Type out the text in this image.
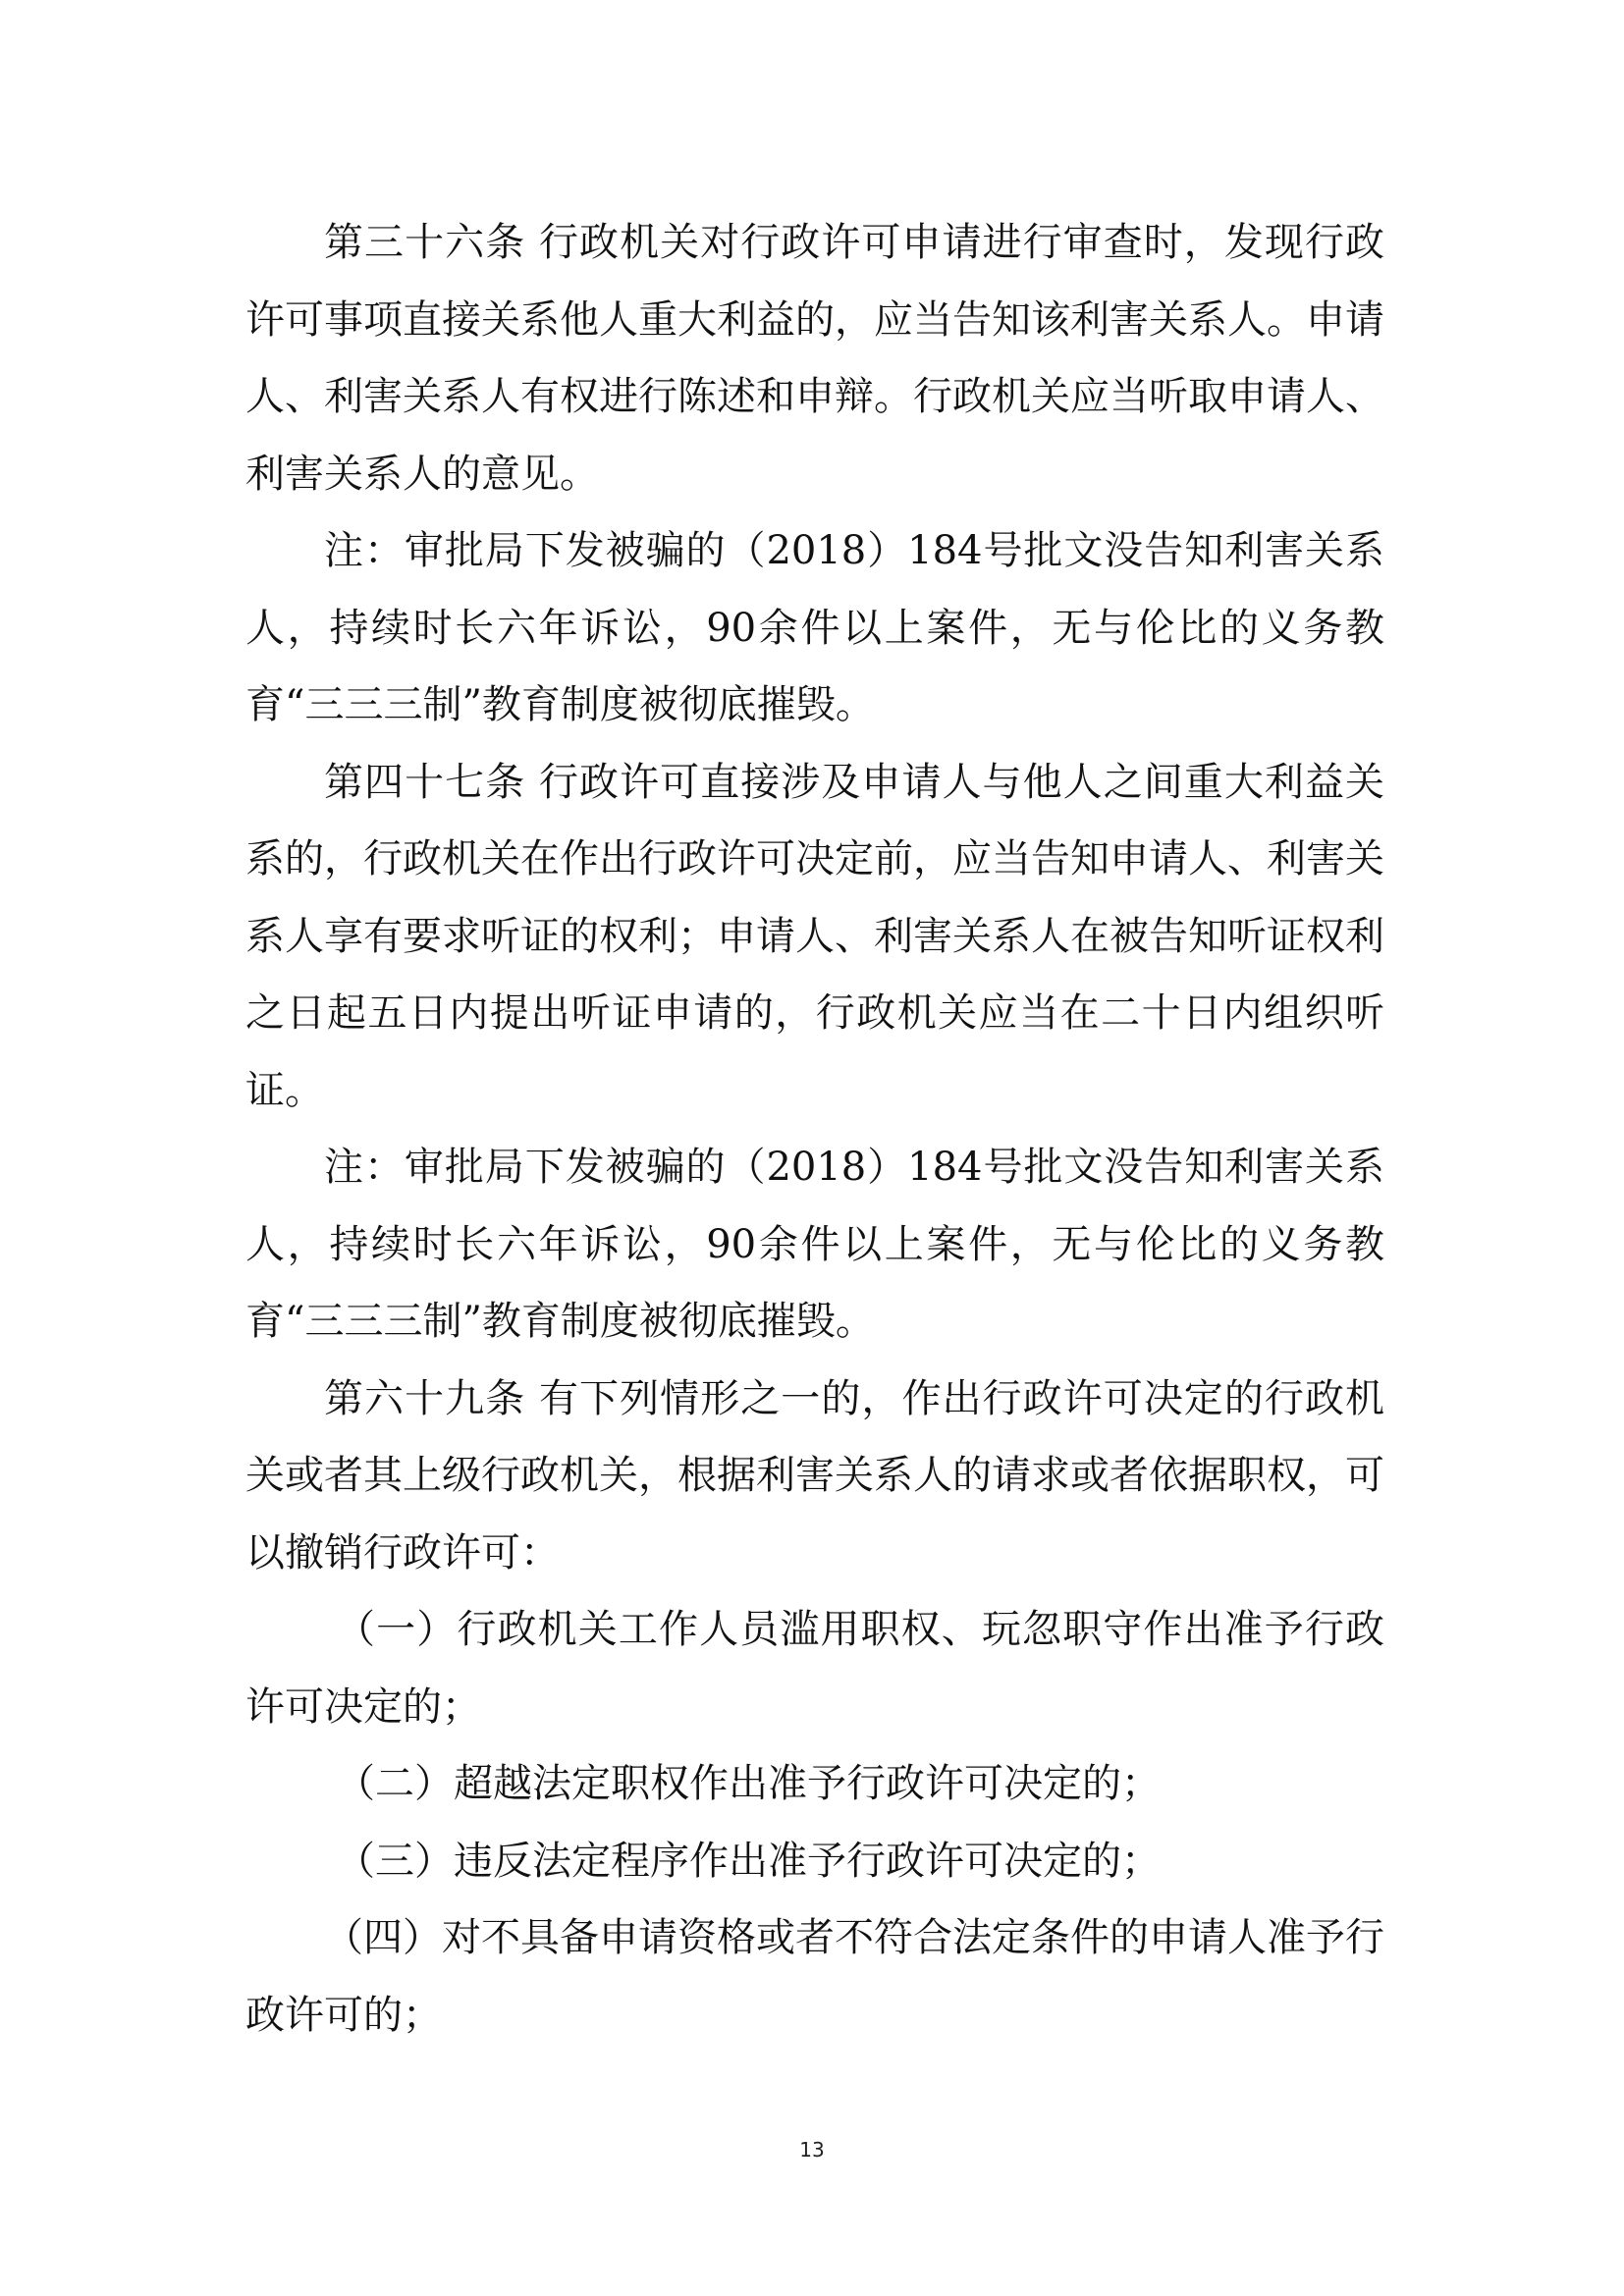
第三十六条 行政机关对行政许可申请进行审查时，发现行政许可事项直接关系他人重大利益的，应当告知该利害关系人。申请人、利害关系人有权进行陈述和申辩。行政机关应当听取申请人、利害关系人的意见。

注：审批局下发被骗的（2018）184号批文没告知利害关系人，持续时长六年诉讼，90余件以上案件，无与伦比的义务教育“三三三制”教育制度被彻底摧毁。

第四十七条 行政许可直接涉及申请人与他人之间重大利益关系的，行政机关在作出行政许可决定前，应当告知申请人、利害关系人享有要求听证的权利；申请人、利害关系人在被告知听证权利之日起五日内提出听证申请的，行政机关应当在二十日内组织听证。

注：审批局下发被骗的（2018）184号批文没告知利害关系人，持续时长六年诉讼，90余件以上案件，无与伦比的义务教育“三三三制”教育制度被彻底摧毁。

第六十九条 有下列情形之一的，作出行政许可决定的行政机关或者其上级行政机关，根据利害关系人的请求或者依据职权，可以撤销行政许可：

（一）行政机关工作人员滥用职权、玩忽职守作出准予行政许可决定的；

（二）超越法定职权作出准予行政许可决定的；

（三）违反法定程序作出准予行政许可决定的；

（四）对不具备申请资格或者不符合法定条件的申请人准予行政许可的；

13
